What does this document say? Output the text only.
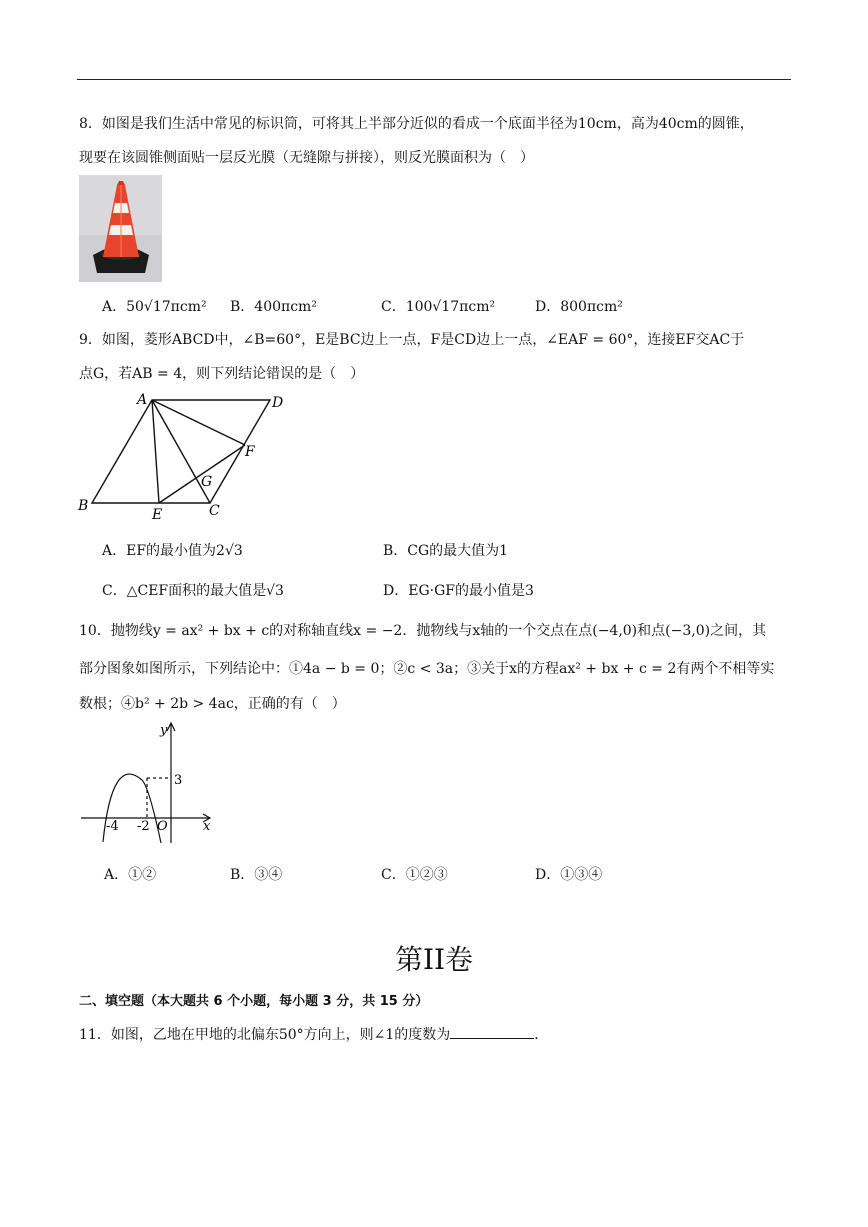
8．如图是我们生活中常见的标识筒，可将其上半部分近似的看成一个底面半径为10cm，高为40cm的圆锥，
现要在该圆锥侧面贴一层反光膜（无缝隙与拼接），则反光膜面积为（　）
A．50√17πcm² B．400πcm²	C．100√17πcm²	D．800πcm²
9．如图，菱形ABCD中，∠B=60°，E是BC边上一点，F是CD边上一点，∠EAF = 60°，连接EF交AC于
点G，若AB = 4，则下列结论错误的是（　）
A	D
F
G
B
E	C
A．EF的最小值为2√3	B．CG的最大值为1
C．△CEF面积的最大值是√3	D．EG·GF的最小值是3
10．抛物线y = ax² + bx + c的对称轴直线x = −2．抛物线与x轴的一个交点在点(−4,0)和点(−3,0)之间，其
部分图象如图所示，下列结论中：①4a − b = 0；②c < 3a；③关于x的方程ax² + bx + c = 2有两个不相等实
数根；④b² + 2b > 4ac，正确的有（　）
y
x
3
-4 -2 O
A．①②	B．③④	C．①②③	D．①③④
第II卷
二、填空题（本大题共 6 个小题，每小题 3 分，共 15 分）
11．如图，乙地在甲地的北偏东50°方向上，则∠1的度数为	．
